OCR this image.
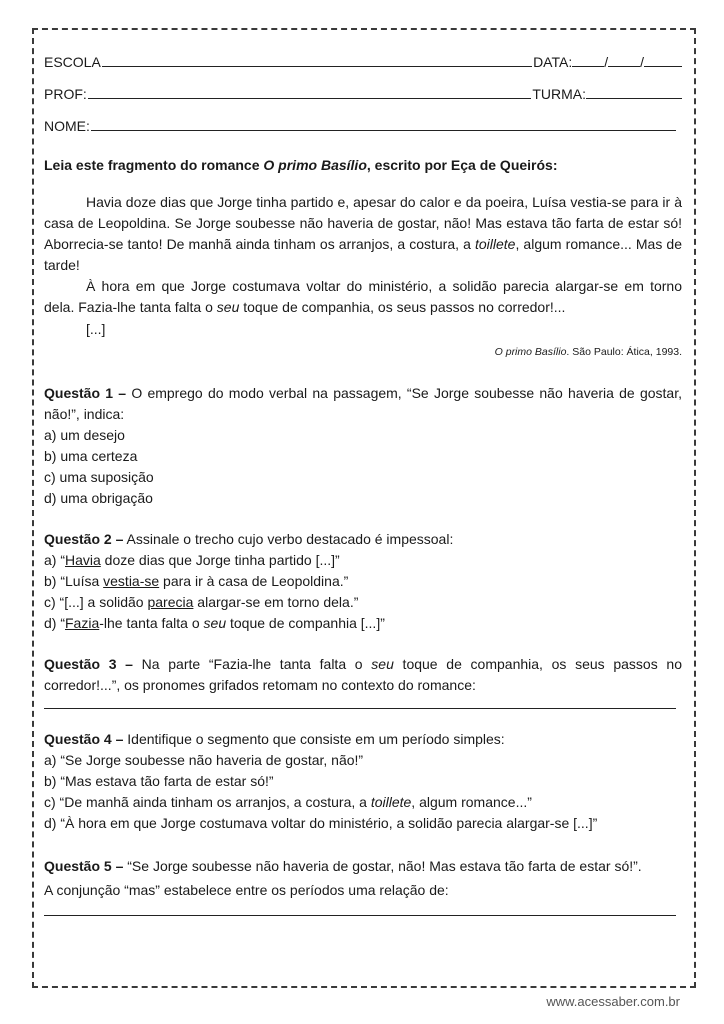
ESCOLA	DATA: / /
PROF:	TURMA:
NOME:

Leia este fragmento do romance O primo Basílio, escrito por Eça de Queirós:

Havia doze dias que Jorge tinha partido e, apesar do calor e da poeira, Luísa vestia-se para ir à casa de Leopoldina. Se Jorge soubesse não haveria de gostar, não! Mas estava tão farta de estar só! Aborrecia-se tanto! De manhã ainda tinham os arranjos, a costura, a toillete, algum romance... Mas de tarde!

À hora em que Jorge costumava voltar do ministério, a solidão parecia alargar-se em torno dela. Fazia-lhe tanta falta o seu toque de companhia, os seus passos no corredor!...

[...]

O primo Basílio. São Paulo: Ática, 1993.

Questão 1 – O emprego do modo verbal na passagem, “Se Jorge soubesse não haveria de gostar, não!”, indica:

a) um desejo

b) uma certeza

c) uma suposição

d) uma obrigação

Questão 2 – Assinale o trecho cujo verbo destacado é impessoal:

a) “Havia doze dias que Jorge tinha partido [...]”

b) “Luísa vestia-se para ir à casa de Leopoldina.”

c) “[...] a solidão parecia alargar-se em torno dela.”

d) “Fazia-lhe tanta falta o seu toque de companhia [...]”

Questão 3 – Na parte “Fazia-lhe tanta falta o seu toque de companhia, os seus passos no corredor!...”, os pronomes grifados retomam no contexto do romance:

Questão 4 – Identifique o segmento que consiste em um período simples:

a) “Se Jorge soubesse não haveria de gostar, não!”

b) “Mas estava tão farta de estar só!”

c) “De manhã ainda tinham os arranjos, a costura, a toillete, algum romance...”

d) “À hora em que Jorge costumava voltar do ministério, a solidão parecia alargar-se [...]”

Questão 5 – “Se Jorge soubesse não haveria de gostar, não! Mas estava tão farta de estar só!”.

A conjunção “mas” estabelece entre os períodos uma relação de:

www.acessaber.com.br
